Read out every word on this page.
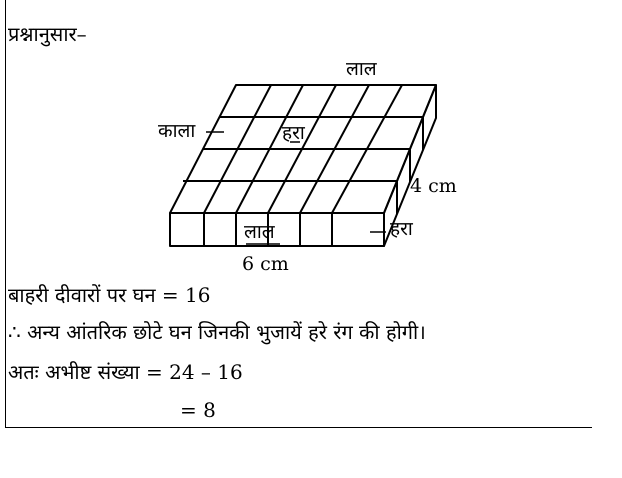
प्रश्नानुसार–
लाल
काला	हरा
लाल	हरा
4 cm
6 cm
बाहरी दीवारों पर घन = 16
∴ अन्य आंतरिक छोटे घन जिनकी भुजायें हरे रंग की होगी।
अतः अभीष्ट संख्या = 24 – 16
= 8
